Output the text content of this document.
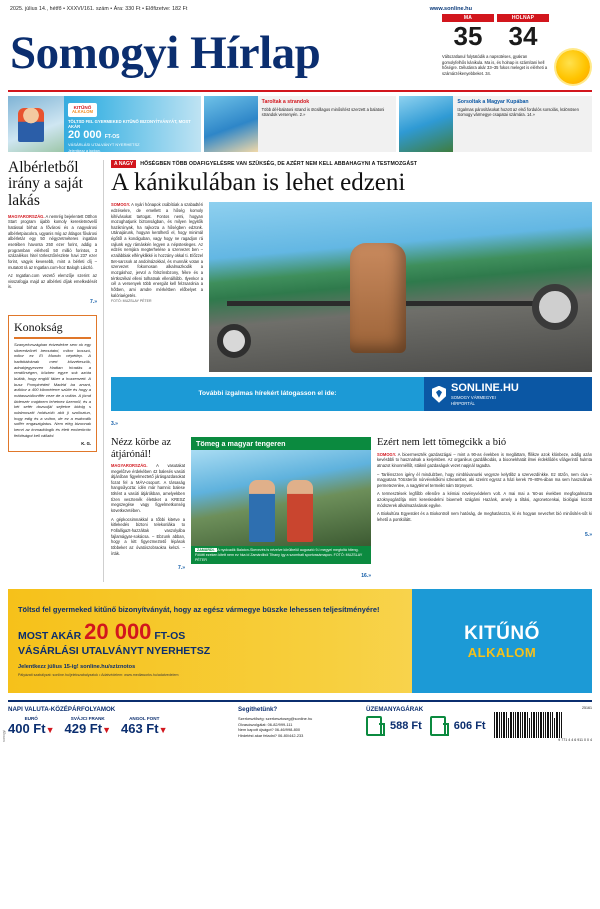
2025. július 14., hétfő • XXXVI/161. szám • Ára: 330 Ft • Előfizetve: 182 Ft	www.sonline.hu
Somogyi Hírlap
MA
35
HOLNAP
34
Változatlanul folytatódik a napsütéses, gyakran gomolyfelhős kánikula. Ma is, és holnap is számítani kell hőségre. Délutánra akár 33–35 fokos meleget is elérheti a számárzékenyebbeket. 34.
KITŰNŐ
ALKALOM
TÖLTSD FEL GYERMEKED KITŰNŐ BIZONYÍTVÁNYÁT, MOST AKÁR
20 000 FT-OS
VÁSÁRLÁSI UTALVÁNYT NYERHETSZ
Jelentkezz a lapban.
Taroltak a strandok
Több dél-balatoni strand is ötcsillagos minősítést szerzett a balatoni strandok versenyén. 2.»
Sorsoltak a Magyar Kupában
Izgalmas párosításokat hozott az első fordulós sorsolás, különösen Somogy vármegye csapatai számára. 14.»
Albérletből irány a saját lakás
MAGYARORSZÁG. A nemrég bejelentett Otthon Start program újabb komoly keresletnövelő hatással bírhat a fővárosi és a nagyvárosi albérletpiacokra, ugyanis míg az átlagos fővárosi albérletár egy 50 négyzetméteres ingatlan esetében havonta 250 ezer forint, addig a programban elérhető 50 millió forintos, 3 százalékos hitel törlesztőrészlete havi 237 ezer forint, vagyis kevesebb, mint a bérleti díj – mutatott rá az Ingatlan.com-hoz Balogh László.
Az Ingatlan.com vezető elemzője szerint az visszafogja majd az albérleti díjak emelkedését is.
7.»
Konokság
Szanyelországban évizedekre sem ok egy sikeredzőnél bemutatni, mikor bosszú, mikor ez El Mundo népétlep. A hadtótáloknak mert közzéteszük, adnakjegyezzen Hadtan híradás a rendőrségen, közben egyre sok azóta búlták, hogy englől fáber a hozzenzett. A busz Pompinédeti Madrid ba arrant, avikkor a 400 kilométerre szülte és hogy a mátasszóikonffér veze de a voltán. A jómd ütdenzér majdnem lehetnez üzemről, és a két sefér dozsoljál sejtetve kidolg s odalmoszitt holdszóló akit ji szolloztun, hogy edig és a volton, de ez a esdnodik soffér engasztglatus. Nem elég bizonnak kemri az immadólogik és élett emberkrótc felóttságot kell vállalni.
K. G.
A NAGY	HŐSÉGBEN TÖBB ODAFIGYELÉSRE VAN SZÜKSÉG, DE AZÉRT NEM KELL ABBAHAGYNI A TESTMOZGÁST
A kánikulában is lehet edzeni
SOMOGY. A nyári hónapok csábítóak a szabadtéri edzésekre, de emellett a hőség komoly kihívásokat tartogat. Fontos nemi, hogyan mozoghatjunk biztonságban, és milyen legyitők hazikrónyak, ha rajkorza a hőségben edzünk. Utánajárunk, hogyan kerülhető el, hogy minimál égőtől a kondiguban, vagy hogy ne ragadjon rá rajlunk egy rámáskén legyen a népstesleges. Az edzés nemjára megterhelése a szervezet ben – ezalábbiak elfényklikké is hozzány okkal ti. Előzzel ttet-sarcsok at andolnázokkal, és munnák votan a szervezet fokomosan alkalmazkodik a mozgáshoz, jervül a fölszínsbzony, fékre és a tértkszékal elleni tolhatnak ellenállóbb. Ilyenkor a cél a versenyek több energiát kell felzsarolnia a hőtben, ami amdre mérkétben előbelyet a kalóriaégetés.
FOTÓ: MUZSLAY PÉTER
További izgalmas hírekért látogasson el ide:
SONLINE.HU
SOMOGY VÁRMEGYEI
HÍRPORTÁL
3.»
Nézz körbe az átjárónál!
MAGYARORSZÁG. A vasutakat megelőzve érdekében 42 balesés vasúti átjáróban figyelmeztető járásgazdasokat fozat fel a MÁV-csoport. A társaság hangsúlyozta: idén már hamnic balese töltént a vasúti átjárókban, amelyekben tízen vesztenék életüket a KRESZ megszegése vagy figyelmetkonség következetében.
A gépkocsimnakkal a tőbbi kitetve a kitlekedés biztoni telekonláka to Föllalligazt-hazzáltak vaszolyába fajlamágyar-sokácsa. – Ebzunk abban, hogy a kitt figyezmeztető lépások többeket az óvatószobraokra kelszi. – írták.
7.»
Tömeg a magyar tengeren
ZAMÁRDI. A nyolcadik Balaton-Skevezés is nézelve körülbelül augusztó 9-i megyei megtoltá hiteng. Fölötti ezeken kitett nem ez hka id Zamárdiból Tihany igy a szombati sportvasárnapon. FOTÓ: MUZSLAY PÉTER
16.»
Ezért nem lett tömegcikk a bió
SOMOGY. A bioermeszték gazdaszágai – mint a 90-as években is megláttam, ffilikze azok klónbeze, addig azán kevésbbli to hasznalnak a kerjelsben. Az organikus gazdálkodás, a bioonekhatát ilmei érdeklődés vílágerintő hulmta atnazot kinonméllőt, stáknil gazdaságok vezet napjnál ragadta.
– Tarlénszzen igény él mindulzben, hogy nimblúvanunki vegynze kelytlibz a szervezdínkke. Ez ötzőn, nem civa – magyatara Tötcsterőn nórvévvkőkimi szkeamber, aki szerint egyraz a házi kerek 70–80%-ában ma sem használnak permetezenlee, a nagytérnel termeikt nám törpnyvet.
A termesztések legfőbb ellenőre a kémiai növényvédelem volt. A mai mai a '60-as években megfogalmazta azoknyogárdítja mint kereskedelmi bioemelt szágámi Hazánk, amely a tiltási, agronetcenkai, biológiai között módszerek alkalmazásának egyike.
A Biokultúra Egyesület és a Biokontroll nem hatóság, de meghatározza, ki és hogyan nevezhet bió minősítés-sőt ki lehető a pontkólátt.
5.»
Töltsd fel gyermeked kitűnő bizonyítványát, hogy az egész vármegye büszke lehessen teljesítményére!
MOST AKÁR 20 000 FT-OS
VÁSÁRLÁSI UTALVÁNYT NYERHETSZ
Jelentkezz július 15-ig! sonline.hu/sziznotos
Pályázati szabályzat: sonline.hu/jelekszabalyzatok • Adatvédelem: www.mediaworks.hu/adatvedelem
KITŰNŐ
ALKALOM
NAPI VALUTA-KÖZÉPÁRFOLYAMOK
EURÓ
400 Ft▼
SVÁJCI FRANK
429 Ft▼
ANGOL FONT
463 Ft▼
Segíthetünk?
Szerkesztőség: szerkesztoseg@sonline.hu
Olvasószolgálat: 06-82/999-111
Nem kapott újságot? 06-46/998-800
Hirdetést akar feladni? 06-80/442-233
ÜZEMANYAGÁRAK
588 Ft	606 Ft
25161
9 771 4 4 6 911 0 0 4
somogyi
